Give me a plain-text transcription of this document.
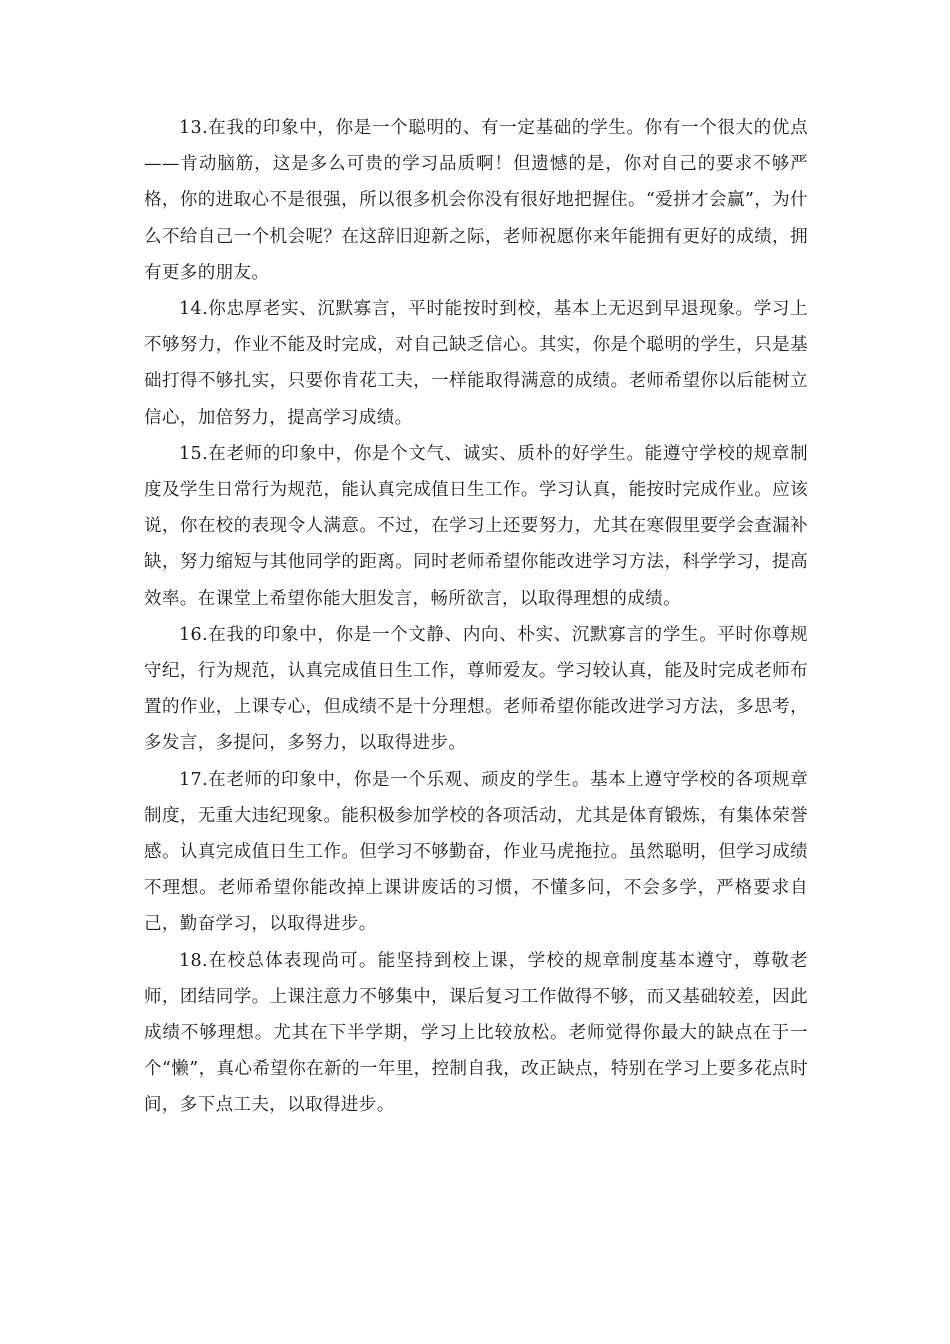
13.在我的印象中，你是一个聪明的、有一定基础的学生。你有一个很大的优点——肯动脑筋，这是多么可贵的学习品质啊！但遗憾的是，你对自己的要求不够严格，你的进取心不是很强，所以很多机会你没有很好地把握住。“爱拼才会赢”，为什么不给自己一个机会呢？在这辞旧迎新之际，老师祝愿你来年能拥有更好的成绩，拥有更多的朋友。

14.你忠厚老实、沉默寡言，平时能按时到校，基本上无迟到早退现象。学习上不够努力，作业不能及时完成，对自己缺乏信心。其实，你是个聪明的学生，只是基础打得不够扎实，只要你肯花工夫，一样能取得满意的成绩。老师希望你以后能树立信心，加倍努力，提高学习成绩。

15.在老师的印象中，你是个文气、诚实、质朴的好学生。能遵守学校的规章制度及学生日常行为规范，能认真完成值日生工作。学习认真，能按时完成作业。应该说，你在校的表现令人满意。不过，在学习上还要努力，尤其在寒假里要学会查漏补缺，努力缩短与其他同学的距离。同时老师希望你能改进学习方法，科学学习，提高效率。在课堂上希望你能大胆发言，畅所欲言，以取得理想的成绩。

16.在我的印象中，你是一个文静、内向、朴实、沉默寡言的学生。平时你尊规守纪，行为规范，认真完成值日生工作，尊师爱友。学习较认真，能及时完成老师布置的作业，上课专心，但成绩不是十分理想。老师希望你能改进学习方法，多思考，多发言，多提问，多努力，以取得进步。

17.在老师的印象中，你是一个乐观、顽皮的学生。基本上遵守学校的各项规章制度，无重大违纪现象。能积极参加学校的各项活动，尤其是体育锻炼，有集体荣誉感。认真完成值日生工作。但学习不够勤奋，作业马虎拖拉。虽然聪明，但学习成绩不理想。老师希望你能改掉上课讲废话的习惯，不懂多问，不会多学，严格要求自己，勤奋学习，以取得进步。

18.在校总体表现尚可。能坚持到校上课，学校的规章制度基本遵守，尊敬老师，团结同学。上课注意力不够集中，课后复习工作做得不够，而又基础较差，因此成绩不够理想。尤其在下半学期，学习上比较放松。老师觉得你最大的缺点在于一个“懒”，真心希望你在新的一年里，控制自我，改正缺点，特别在学习上要多花点时间，多下点工夫，以取得进步。
